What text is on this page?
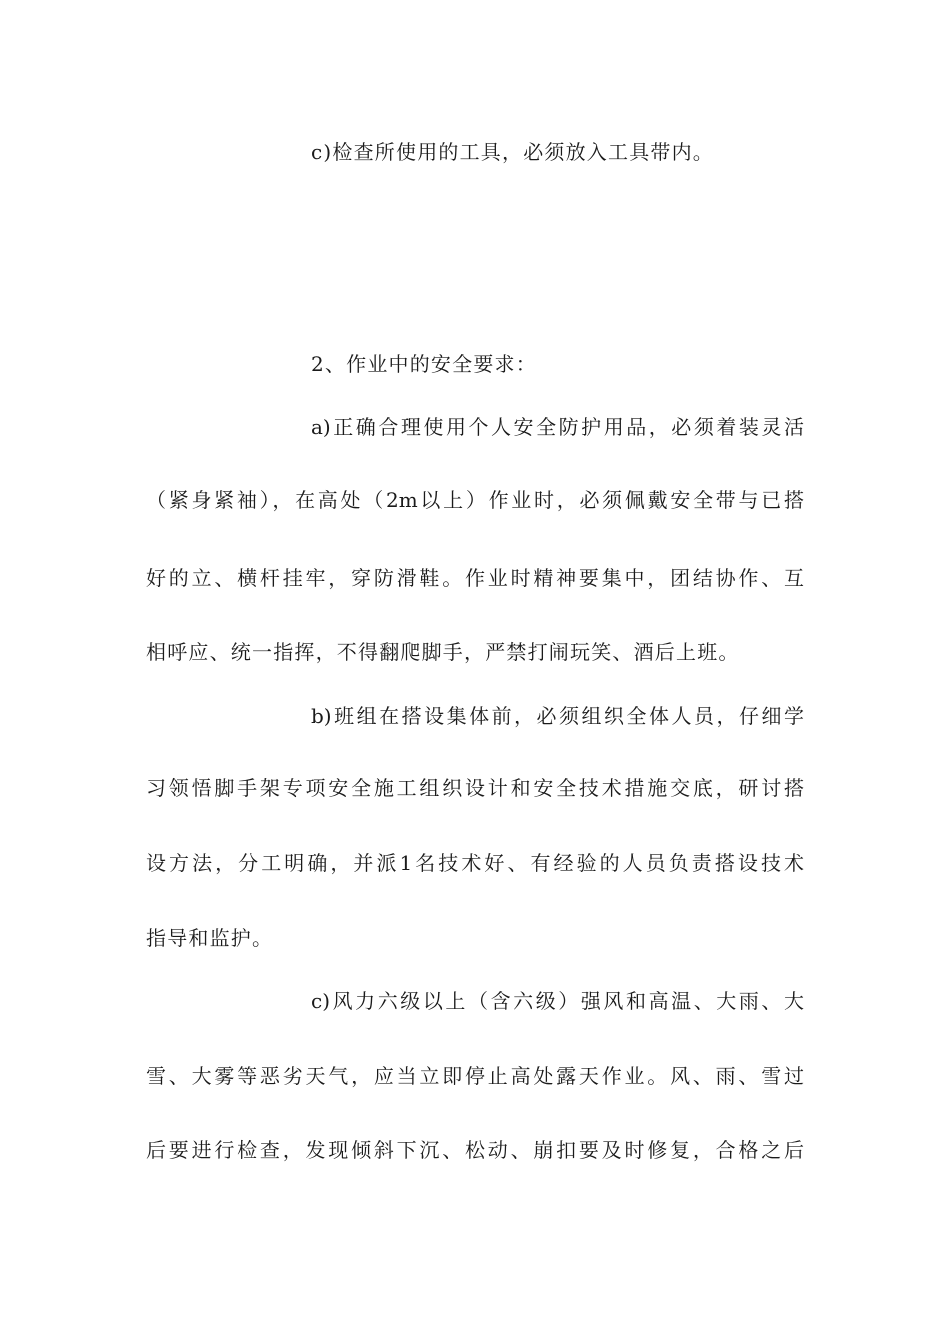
c)检查所使用的工具，必须放入工具带内。
2、作业中的安全要求：
a)正确合理使用个人安全防护用品，必须着装灵活
（紧身紧袖），在高处（2m以上）作业时，必须佩戴安全带与已搭
好的立、横杆挂牢，穿防滑鞋。作业时精神要集中，团结协作、互
相呼应、统一指挥，不得翻爬脚手，严禁打闹玩笑、酒后上班。
b)班组在搭设集体前，必须组织全体人员，仔细学
习领悟脚手架专项安全施工组织设计和安全技术措施交底，研讨搭
设方法，分工明确，并派1名技术好、有经验的人员负责搭设技术
指导和监护。
c)风力六级以上（含六级）强风和高温、大雨、大
雪、大雾等恶劣天气，应当立即停止高处露天作业。风、雨、雪过
后要进行检查，发现倾斜下沉、松动、崩扣要及时修复，合格之后
